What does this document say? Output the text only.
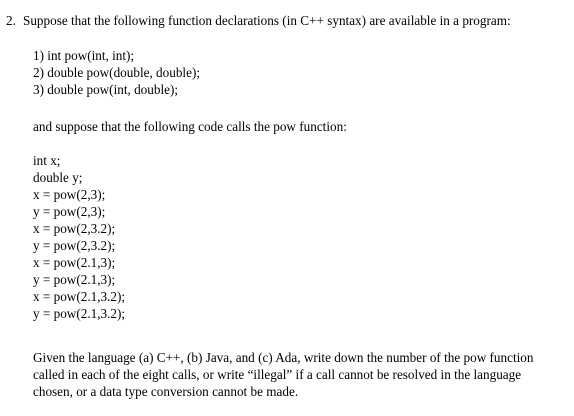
2. Suppose that the following function declarations (in C++ syntax) are available in a program:
1) int pow(int, int);
2) double pow(double, double);
3) double pow(int, double);
and suppose that the following code calls the pow function:
int x;
double y;
x = pow(2,3);
y = pow(2,3);
x = pow(2,3.2);
y = pow(2,3.2);
x = pow(2.1,3);
y = pow(2.1,3);
x = pow(2.1,3.2);
y = pow(2.1,3.2);
Given the language (a) C++, (b) Java, and (c) Ada, write down the number of the pow function
called in each of the eight calls, or write “illegal” if a call cannot be resolved in the language
chosen, or a data type conversion cannot be made.
